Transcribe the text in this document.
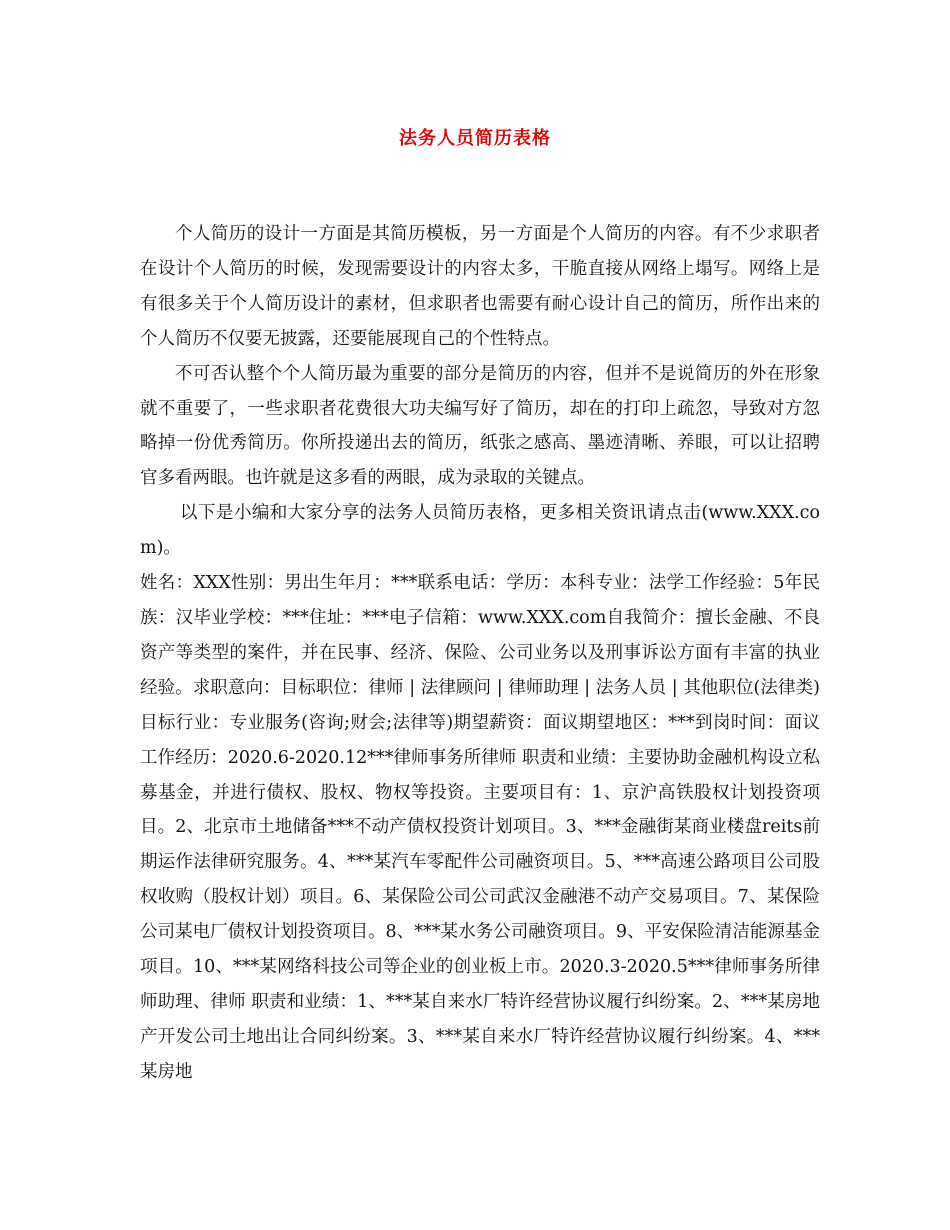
法务人员简历表格

个人简历的设计一方面是其简历模板，另一方面是个人简历的内容。有不少求职者在设计个人简历的时候，发现需要设计的内容太多，干脆直接从网络上塌写。网络上是有很多关于个人简历设计的素材，但求职者也需要有耐心设计自己的简历，所作出来的个人简历不仅要无披露，还要能展现自己的个性特点。

不可否认整个个人简历最为重要的部分是简历的内容，但并不是说简历的外在形象就不重要了，一些求职者花费很大功夫编写好了简历，却在的打印上疏忽，导致对方忽略掉一份优秀简历。你所投递出去的简历，纸张之感高、墨迹清晰、养眼，可以让招聘官多看两眼。也许就是这多看的两眼，成为录取的关键点。

以下是小编和大家分享的法务人员简历表格，更多相关资讯请点击(www.XXX.com)。

姓名：XXX性别：男出生年月：***联系电话：学历：本科专业：法学工作经验：5年民族：汉毕业学校：***住址：***电子信箱：www.XXX.com自我简介：擅长金融、不良资产等类型的案件，并在民事、经济、保险、公司业务以及刑事诉讼方面有丰富的执业经验。求职意向：目标职位：律师 | 法律顾问 | 律师助理 | 法务人员 | 其他职位(法律类)目标行业：专业服务(咨询;财会;法律等)期望薪资：面议期望地区：***到岗时间：面议工作经历：2020.6-2020.12***律师事务所律师 职责和业绩：主要协助金融机构设立私募基金，并进行债权、股权、物权等投资。主要项目有：1、京沪高铁股权计划投资项目。2、北京市土地储备***不动产债权投资计划项目。3、***金融街某商业楼盘reits前期运作法律研究服务。4、***某汽车零配件公司融资项目。5、***高速公路项目公司股权收购（股权计划）项目。6、某保险公司公司武汉金融港不动产交易项目。7、某保险公司某电厂债权计划投资项目。8、***某水务公司融资项目。9、平安保险清洁能源基金项目。10、***某网络科技公司等企业的创业板上市。2020.3-2020.5***律师事务所律师助理、律师 职责和业绩：1、***某自来水厂特许经营协议履行纠纷案。2、***某房地产开发公司土地出让合同纠纷案。3、***某自来水厂特许经营协议履行纠纷案。4、***某房地
